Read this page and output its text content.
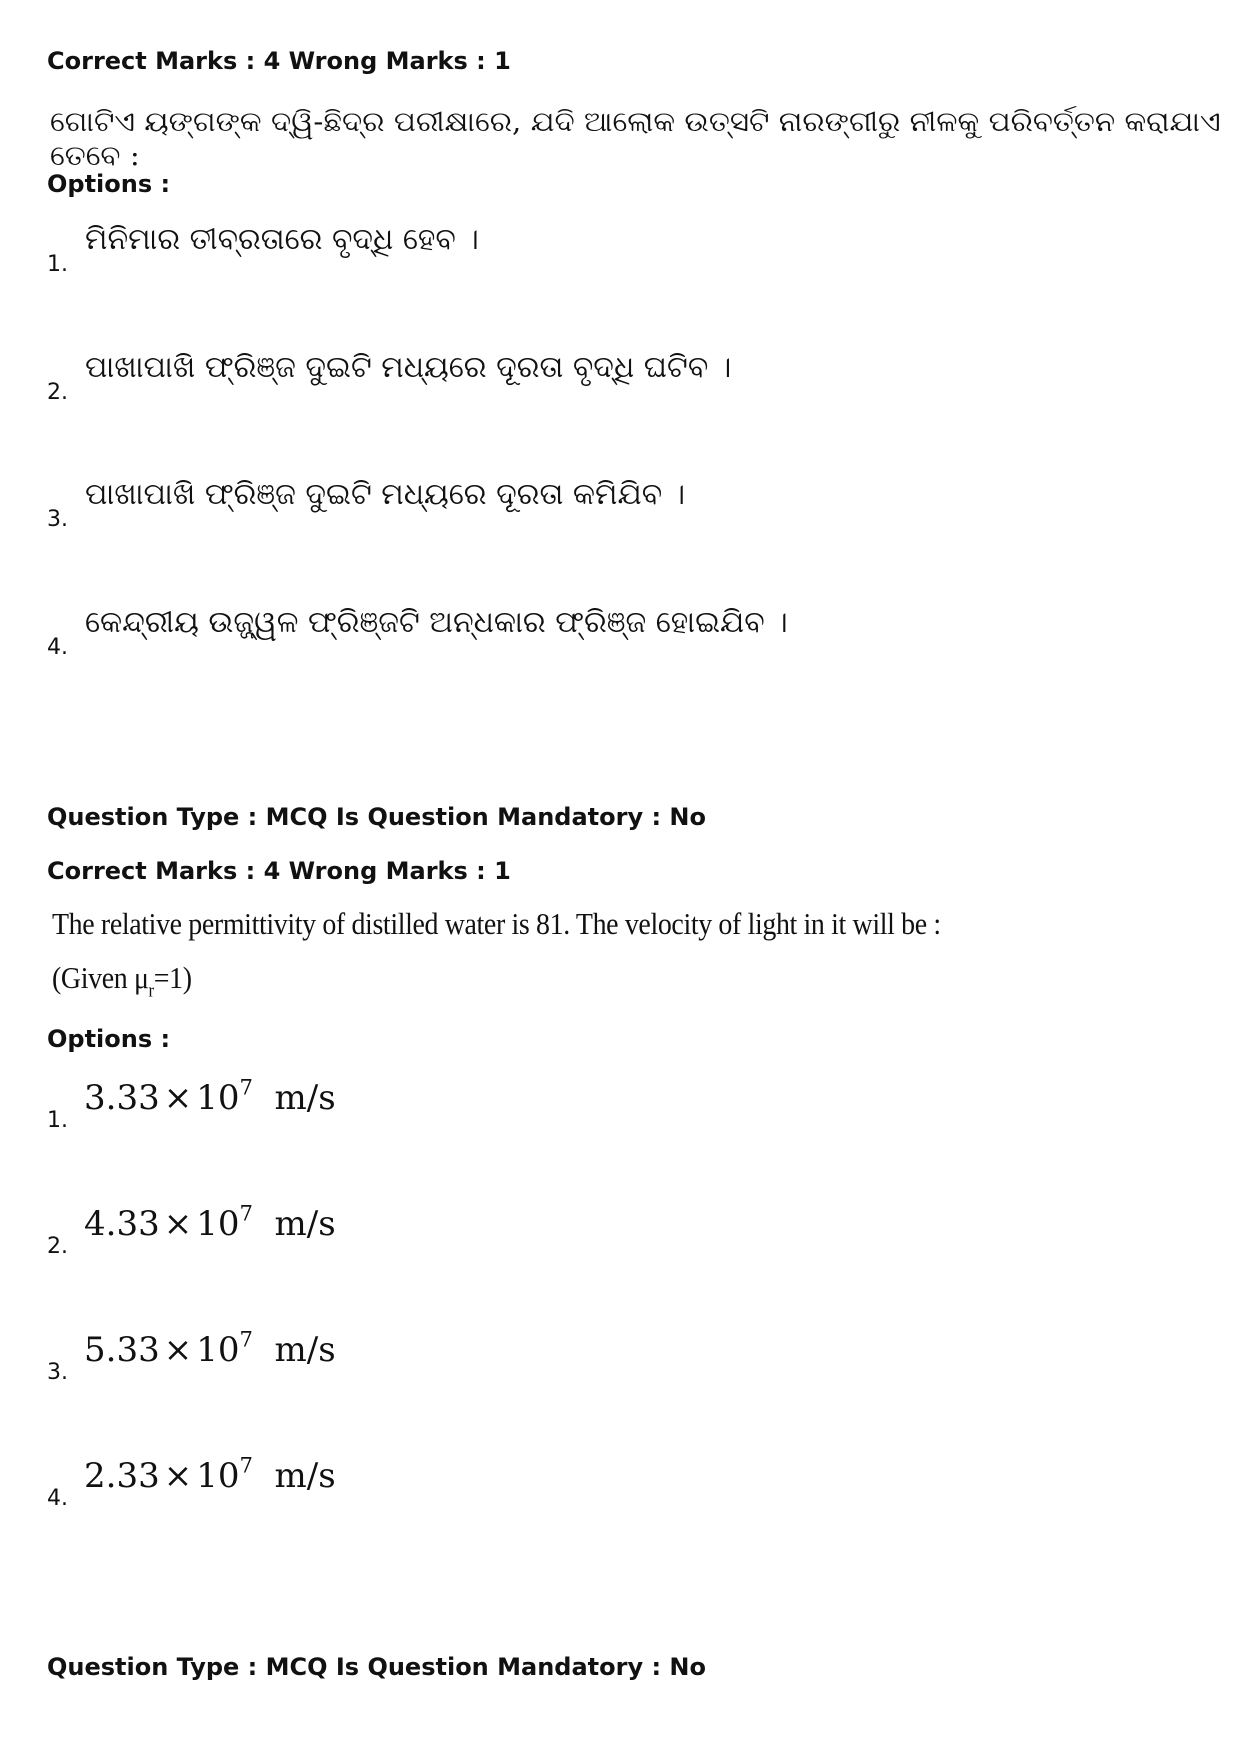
Correct Marks : 4 Wrong Marks : 1
ଗୋଟିଏ ୟଙ୍ଗଙ୍କ ଦ୍ୱି-ଛିଦ୍ର ପରୀକ୍ଷାରେ, ଯଦି ଆଲୋକ ଉତ୍ସଟି ନାରଙ୍ଗୀରୁ ନୀଳକୁ ପରିବର୍ତ୍ତନ କରାଯାଏ ତେବେ :
Options :
1.
ମିନିମାର ତୀବ୍ରତାରେ ବୃଦ୍ଧି ହେବ ।
2.
ପାଖାପାଖି ଫ୍ରିଞ୍ଜ ଦୁଇଟି ମଧ୍ୟରେ ଦୂରତା ବୃଦ୍ଧି ଘଟିବ ।
3.
ପାଖାପାଖି ଫ୍ରିଞ୍ଜ ଦୁଇଟି ମଧ୍ୟରେ ଦୂରତା କମିଯିବ ।
4.
କେନ୍ଦ୍ରୀୟ ଉଜ୍ଜ୍ୱଳ ଫ୍ରିଞ୍ଜଟି ଅନ୍ଧକାର ଫ୍ରିଞ୍ଜ ହୋଇଯିବ ।
Question Type : MCQ Is Question Mandatory : No
Correct Marks : 4 Wrong Marks : 1
The relative permittivity of distilled water is 81. The velocity of light in it will be :
(Given $\mu_r=1$)
Options :
1.
$3.33 \times 10^7$ m/s
2.
$4.33 \times 10^7$ m/s
3.
$5.33 \times 10^7$ m/s
4.
$2.33 \times 10^7$ m/s
Question Type : MCQ Is Question Mandatory : No
